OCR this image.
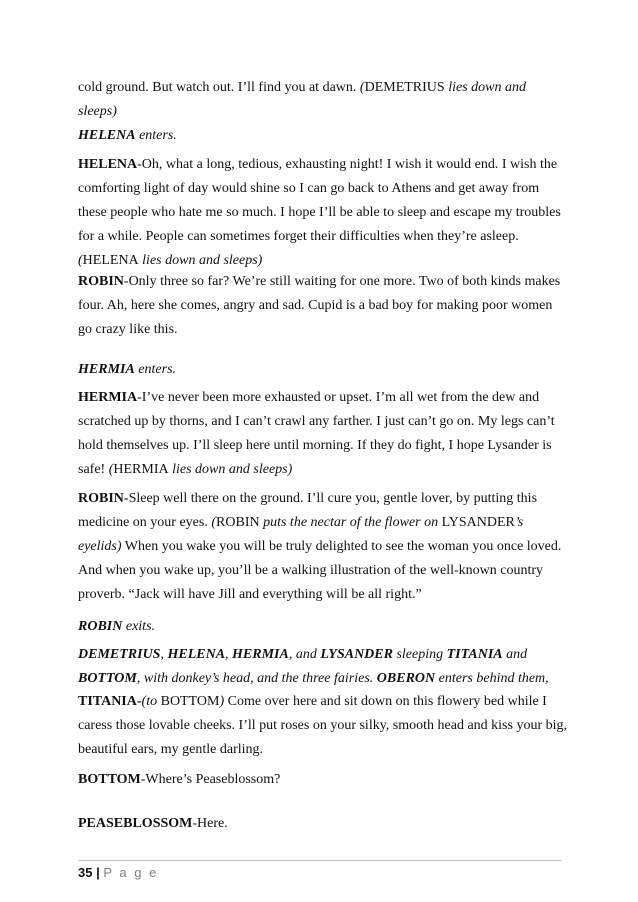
cold ground. But watch out. I’ll find you at dawn. (DEMETRIUS lies down and sleeps)

HELENA enters.

HELENA-Oh, what a long, tedious, exhausting night! I wish it would end. I wish the comforting light of day would shine so I can go back to Athens and get away from these people who hate me so much. I hope I’ll be able to sleep and escape my troubles for a while. People can sometimes forget their difficulties when they’re asleep. (HELENA lies down and sleeps)

ROBIN-Only three so far? We’re still waiting for one more. Two of both kinds makes four. Ah, here she comes, angry and sad. Cupid is a bad boy for making poor women go crazy like this.

HERMIA enters.

HERMIA-I’ve never been more exhausted or upset. I’m all wet from the dew and scratched up by thorns, and I can’t crawl any farther. I just can’t go on. My legs can’t hold themselves up. I’ll sleep here until morning. If they do fight, I hope Lysander is safe! (HERMIA lies down and sleeps)

ROBIN-Sleep well there on the ground. I’ll cure you, gentle lover, by putting this medicine on your eyes. (ROBIN puts the nectar of the flower on LYSANDER’s eyelids) When you wake you will be truly delighted to see the woman you once loved. And when you wake up, you’ll be a walking illustration of the well-known country proverb. “Jack will have Jill and everything will be all right.”

ROBIN exits.

DEMETRIUS, HELENA, HERMIA, and LYSANDER sleeping TITANIA and BOTTOM, with donkey’s head, and the three fairies. OBERON enters behind them,

TITANIA-(to BOTTOM) Come over here and sit down on this flowery bed while I caress those lovable cheeks. I’ll put roses on your silky, smooth head and kiss your big, beautiful ears, my gentle darling.

BOTTOM-Where’s Peaseblossom?

PEASEBLOSSOM-Here.

35 | P a g e
